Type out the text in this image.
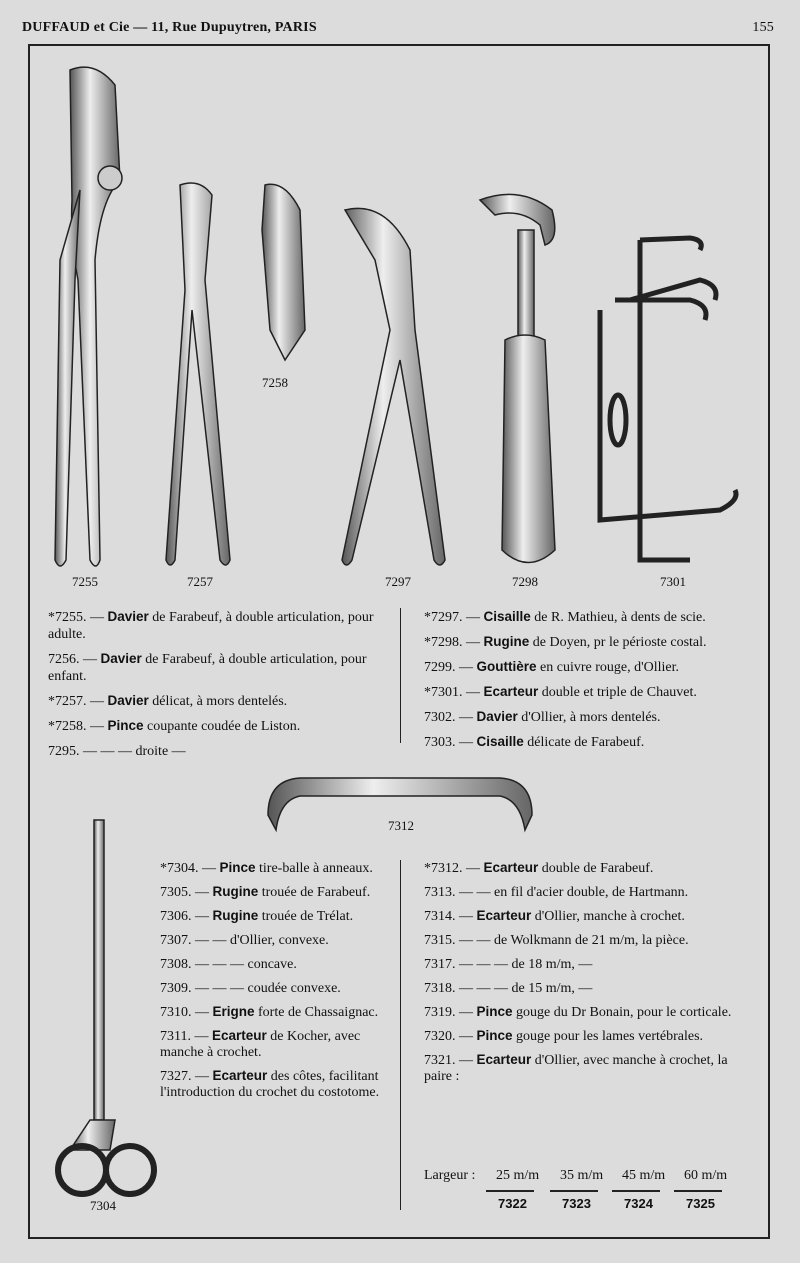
DUFFAUD et Cie — 11, Rue Dupuytren, PARIS	155
7255	7257
7258
7297	7298	7301
7312
7304
*7255. — Davier de Farabeuf, à double articulation, pour adulte.
7256. — Davier de Farabeuf, à double articulation, pour enfant.
*7257. — Davier délicat, à mors dentelés.
*7258. — Pince coupante coudée de Liston.
7295. — — — droite —
*7297. — Cisaille de R. Mathieu, à dents de scie.
*7298. — Rugine de Doyen, pr le périoste costal.
7299. — Gouttière en cuivre rouge, d'Ollier.
*7301. — Ecarteur double et triple de Chauvet.
7302. — Davier d'Ollier, à mors dentelés.
7303. — Cisaille délicate de Farabeuf.
*7304. — Pince tire-balle à anneaux.
7305. — Rugine trouée de Farabeuf.
7306. — Rugine trouée de Trélat.
7307. — — d'Ollier, convexe.
7308. — — — concave.
7309. — — — coudée convexe.
7310. — Erigne forte de Chassaignac.
7311. — Ecarteur de Kocher, avec manche à crochet.
7327. — Ecarteur des côtes, facilitant l'introduction du crochet du costotome.
*7312. — Ecarteur double de Farabeuf.
7313. — — en fil d'acier double, de Hartmann.
7314. — Ecarteur d'Ollier, manche à crochet.
7315. — — de Wolkmann de 21 m/m, la pièce.
7317. — — — de 18 m/m, —
7318. — — — de 15 m/m, —
7319. — Pince gouge du Dr Bonain, pour le corticale.
7320. — Pince gouge pour les lames vertébrales.
7321. — Ecarteur d'Ollier, avec manche à crochet, la paire :
Largeur : 25 m/m 35 m/m 45 m/m 60 m/m
7322	7323	7324	7325
